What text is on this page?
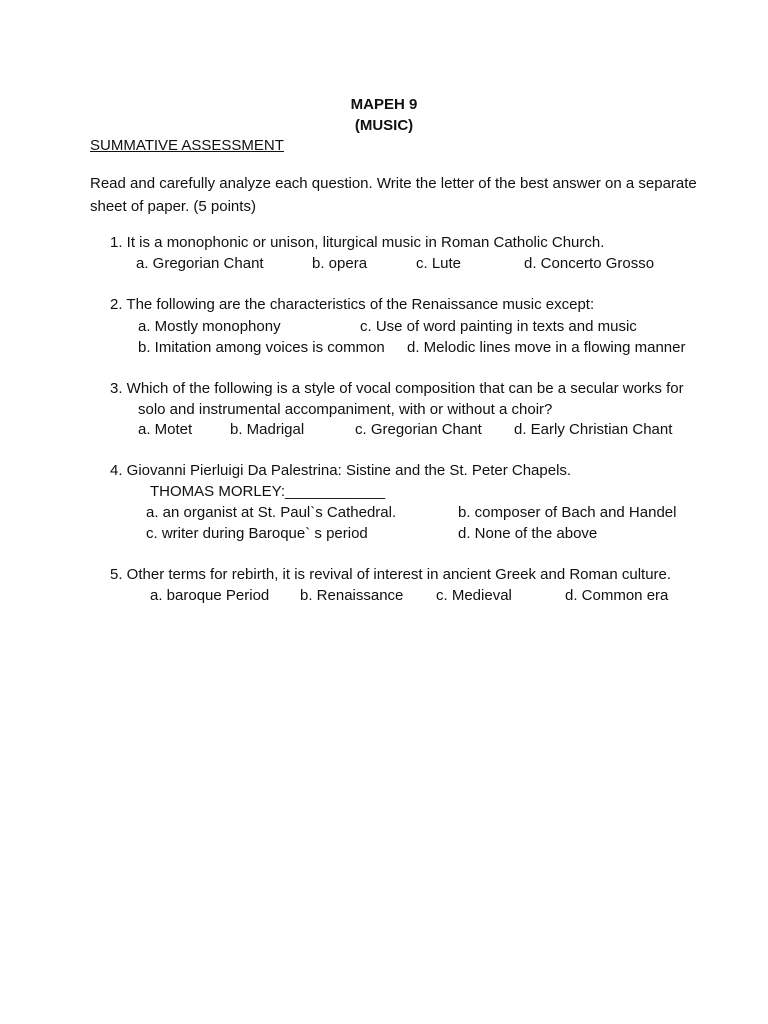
MAPEH 9
(MUSIC)
SUMMATIVE ASSESSMENT
Read and carefully analyze each question. Write the letter of the best answer on a separate
sheet of paper. (5 points)
1. It is a monophonic or unison, liturgical music in Roman Catholic Church.
a. Gregorian Chant	b. opera	c. Lute	d. Concerto Grosso
2. The following are the characteristics of the Renaissance music except:
a. Mostly monophony	c. Use of word painting in texts and music
b. Imitation among voices is common d. Melodic lines move in a flowing manner
3. Which of the following is a style of vocal composition that can be a secular works for
solo and instrumental accompaniment, with or without a choir?
a. Motet	b. Madrigal	c. Gregorian Chant d. Early Christian Chant
4. Giovanni Pierluigi Da Palestrina: Sistine and the St. Peter Chapels.
THOMAS MORLEY:____________
a. an organist at St. Paul`s Cathedral.	b. composer of Bach and Handel
c. writer during Baroque` s period	d. None of the above
5. Other terms for rebirth, it is revival of interest in ancient Greek and Roman culture.
a. baroque Period b. Renaissance c. Medieval	d. Common era
